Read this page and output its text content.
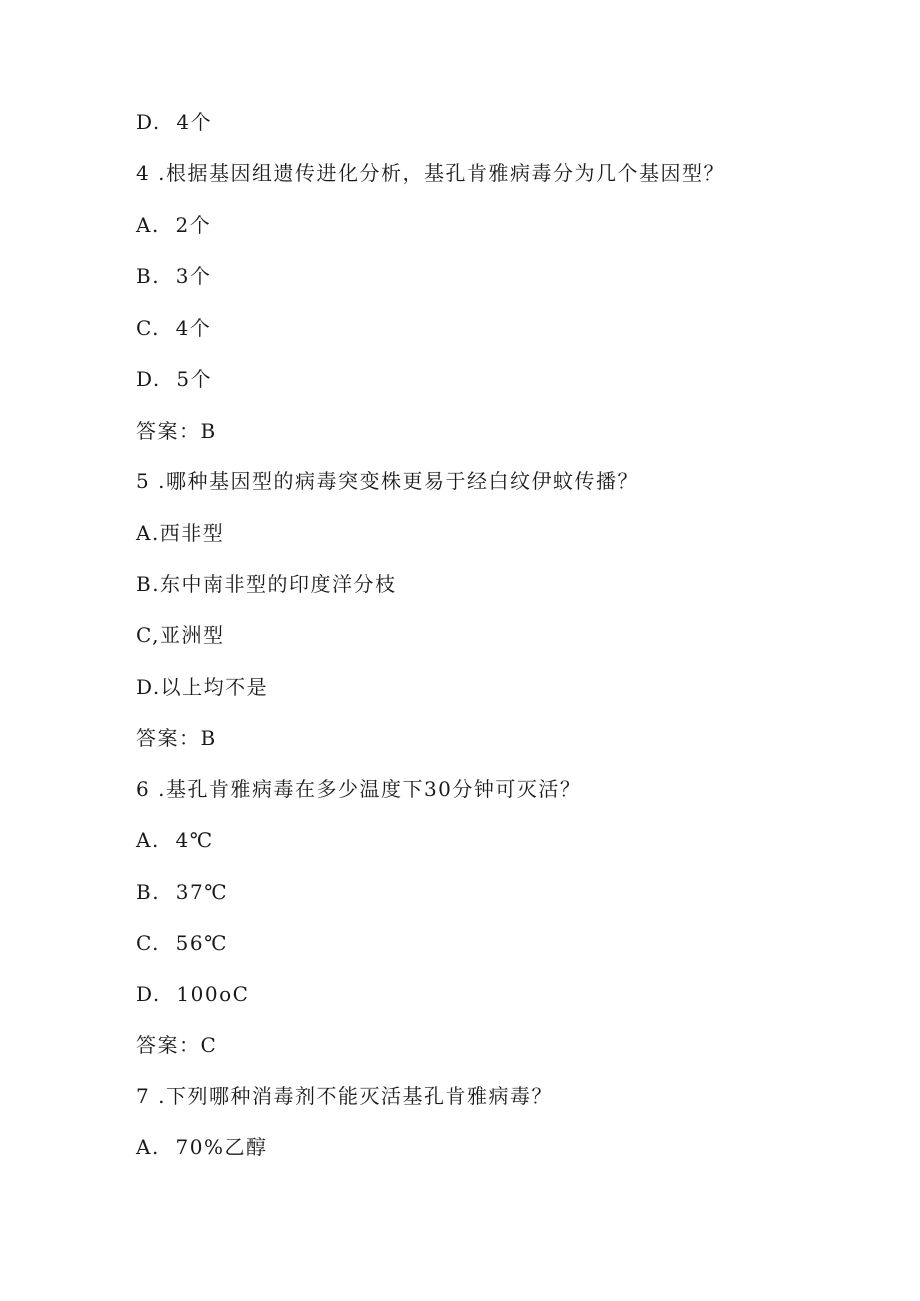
D.  4个
4 .根据基因组遗传进化分析，基孔肯雅病毒分为几个基因型？
A.  2个
B.  3个
C.  4个
D.  5个
答案：B
5 .哪种基因型的病毒突变株更易于经白纹伊蚊传播？
A.西非型
B.东中南非型的印度洋分枝
C,亚洲型
D.以上均不是
答案：B
6 .基孔肯雅病毒在多少温度下30分钟可灭活？
A.  4℃
B.  37℃
C.  56℃
D.  100oC
答案：C
7 .下列哪种消毒剂不能灭活基孔肯雅病毒？
A.  70%乙醇
